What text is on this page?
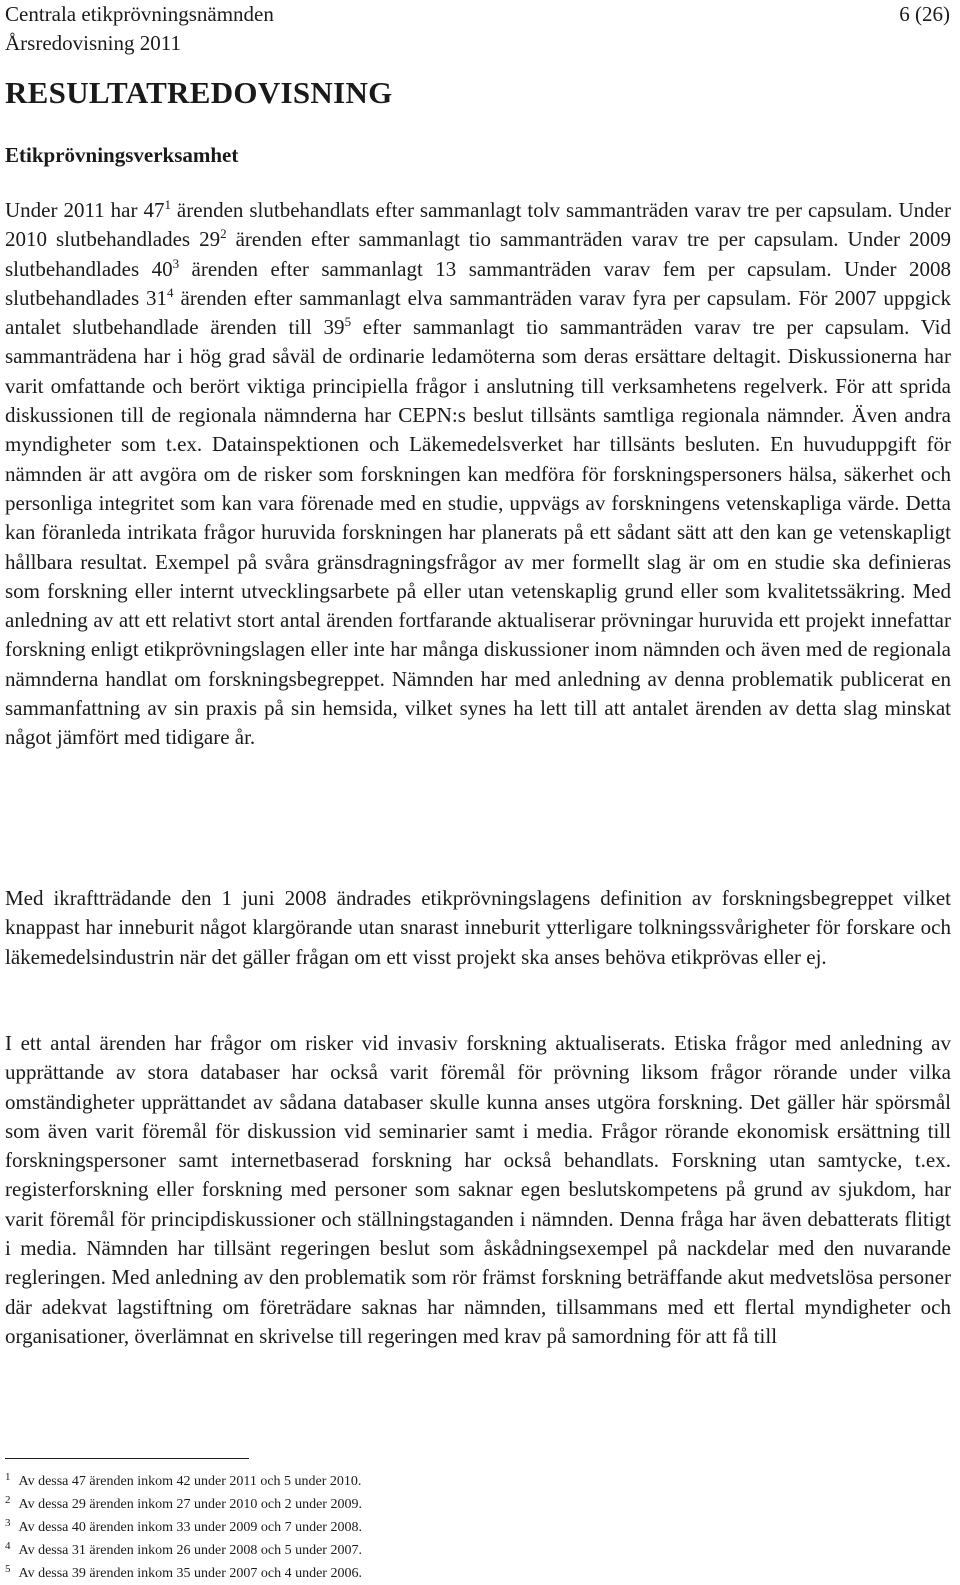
Centrala etikprövningsnämnden
Årsredovisning 2011
6 (26)
RESULTATREDOVISNING
Etikprövningsverksamhet

Under 2011 har $47^1$ ärenden slutbehandlats efter sammanlagt tolv sammanträden varav tre per capsulam. Under 2010 slutbehandlades $29^2$ ärenden efter sammanlagt tio sammanträden varav tre per capsulam. Under 2009 slutbehandlades $40^3$ ärenden efter sammanlagt 13 sammanträden varav fem per capsulam. Under 2008 slutbehandlades $31^4$ ärenden efter sammanlagt elva sammanträden varav fyra per capsulam. För 2007 uppgick antalet slutbehandlade ärenden till $39^5$ efter sammanlagt tio sammanträden varav tre per capsulam. Vid sammanträdena har i hög grad såväl de ordinarie ledamöterna som deras ersättare deltagit. Diskussionerna har varit omfattande och berört viktiga principiella frågor i anslutning till verksamhetens regelverk. För att sprida diskussionen till de regionala nämnderna har CEPN:s beslut tillsänts samtliga regionala nämnder. Även andra myndigheter som t.ex. Datainspektionen och Läkemedelsverket har tillsänts besluten. En huvuduppgift för nämnden är att avgöra om de risker som forskningen kan medföra för forskningspersoners hälsa, säkerhet och personliga integritet som kan vara förenade med en studie, uppvägs av forskningens vetenskapliga värde. Detta kan föranleda intrikata frågor huruvida forskningen har planerats på ett sådant sätt att den kan ge vetenskapligt hållbara resultat. Exempel på svåra gränsdragningsfrågor av mer formellt slag är om en studie ska definieras som forskning eller internt utvecklingsarbete på eller utan vetenskaplig grund eller som kvalitetssäkring. Med anledning av att ett relativt stort antal ärenden fortfarande aktualiserar prövningar huruvida ett projekt innefattar forskning enligt etikprövningslagen eller inte har många diskussioner inom nämnden och även med de regionala nämnderna handlat om forskningsbegreppet. Nämnden har med anledning av denna problematik publicerat en sammanfattning av sin praxis på sin hemsida, vilket synes ha lett till att antalet ärenden av detta slag minskat något jämfört med tidigare år.

Med ikraftträdande den 1 juni 2008 ändrades etikprövningslagens definition av forskningsbegreppet vilket knappast har inneburit något klargörande utan snarast inneburit ytterligare tolkningssvårigheter för forskare och läkemedelsindustrin när det gäller frågan om ett visst projekt ska anses behöva etikprövas eller ej.

I ett antal ärenden har frågor om risker vid invasiv forskning aktualiserats. Etiska frågor med anledning av upprättande av stora databaser har också varit föremål för prövning liksom frågor rörande under vilka omständigheter upprättandet av sådana databaser skulle kunna anses utgöra forskning. Det gäller här spörsmål som även varit föremål för diskussion vid seminarier samt i media. Frågor rörande ekonomisk ersättning till forskningspersoner samt internetbaserad forskning har också behandlats. Forskning utan samtycke, t.ex. registerforskning eller forskning med personer som saknar egen beslutskompetens på grund av sjukdom, har varit föremål för principdiskussioner och ställningstaganden i nämnden. Denna fråga har även debatterats flitigt i media. Nämnden har tillsänt regeringen beslut som åskådningsexempel på nackdelar med den nuvarande regleringen. Med anledning av den problematik som rör främst forskning beträffande akut medvetslösa personer där adekvat lagstiftning om företrädare saknas har nämnden, tillsammans med ett flertal myndigheter och organisationer, överlämnat en skrivelse till regeringen med krav på samordning för att få till

$^1$ Av dessa 47 ärenden inkom 42 under 2011 och 5 under 2010.
$^2$ Av dessa 29 ärenden inkom 27 under 2010 och 2 under 2009.
$^3$ Av dessa 40 ärenden inkom 33 under 2009 och 7 under 2008.
$^4$ Av dessa 31 ärenden inkom 26 under 2008 och 5 under 2007.
$^5$ Av dessa 39 ärenden inkom 35 under 2007 och 4 under 2006.
